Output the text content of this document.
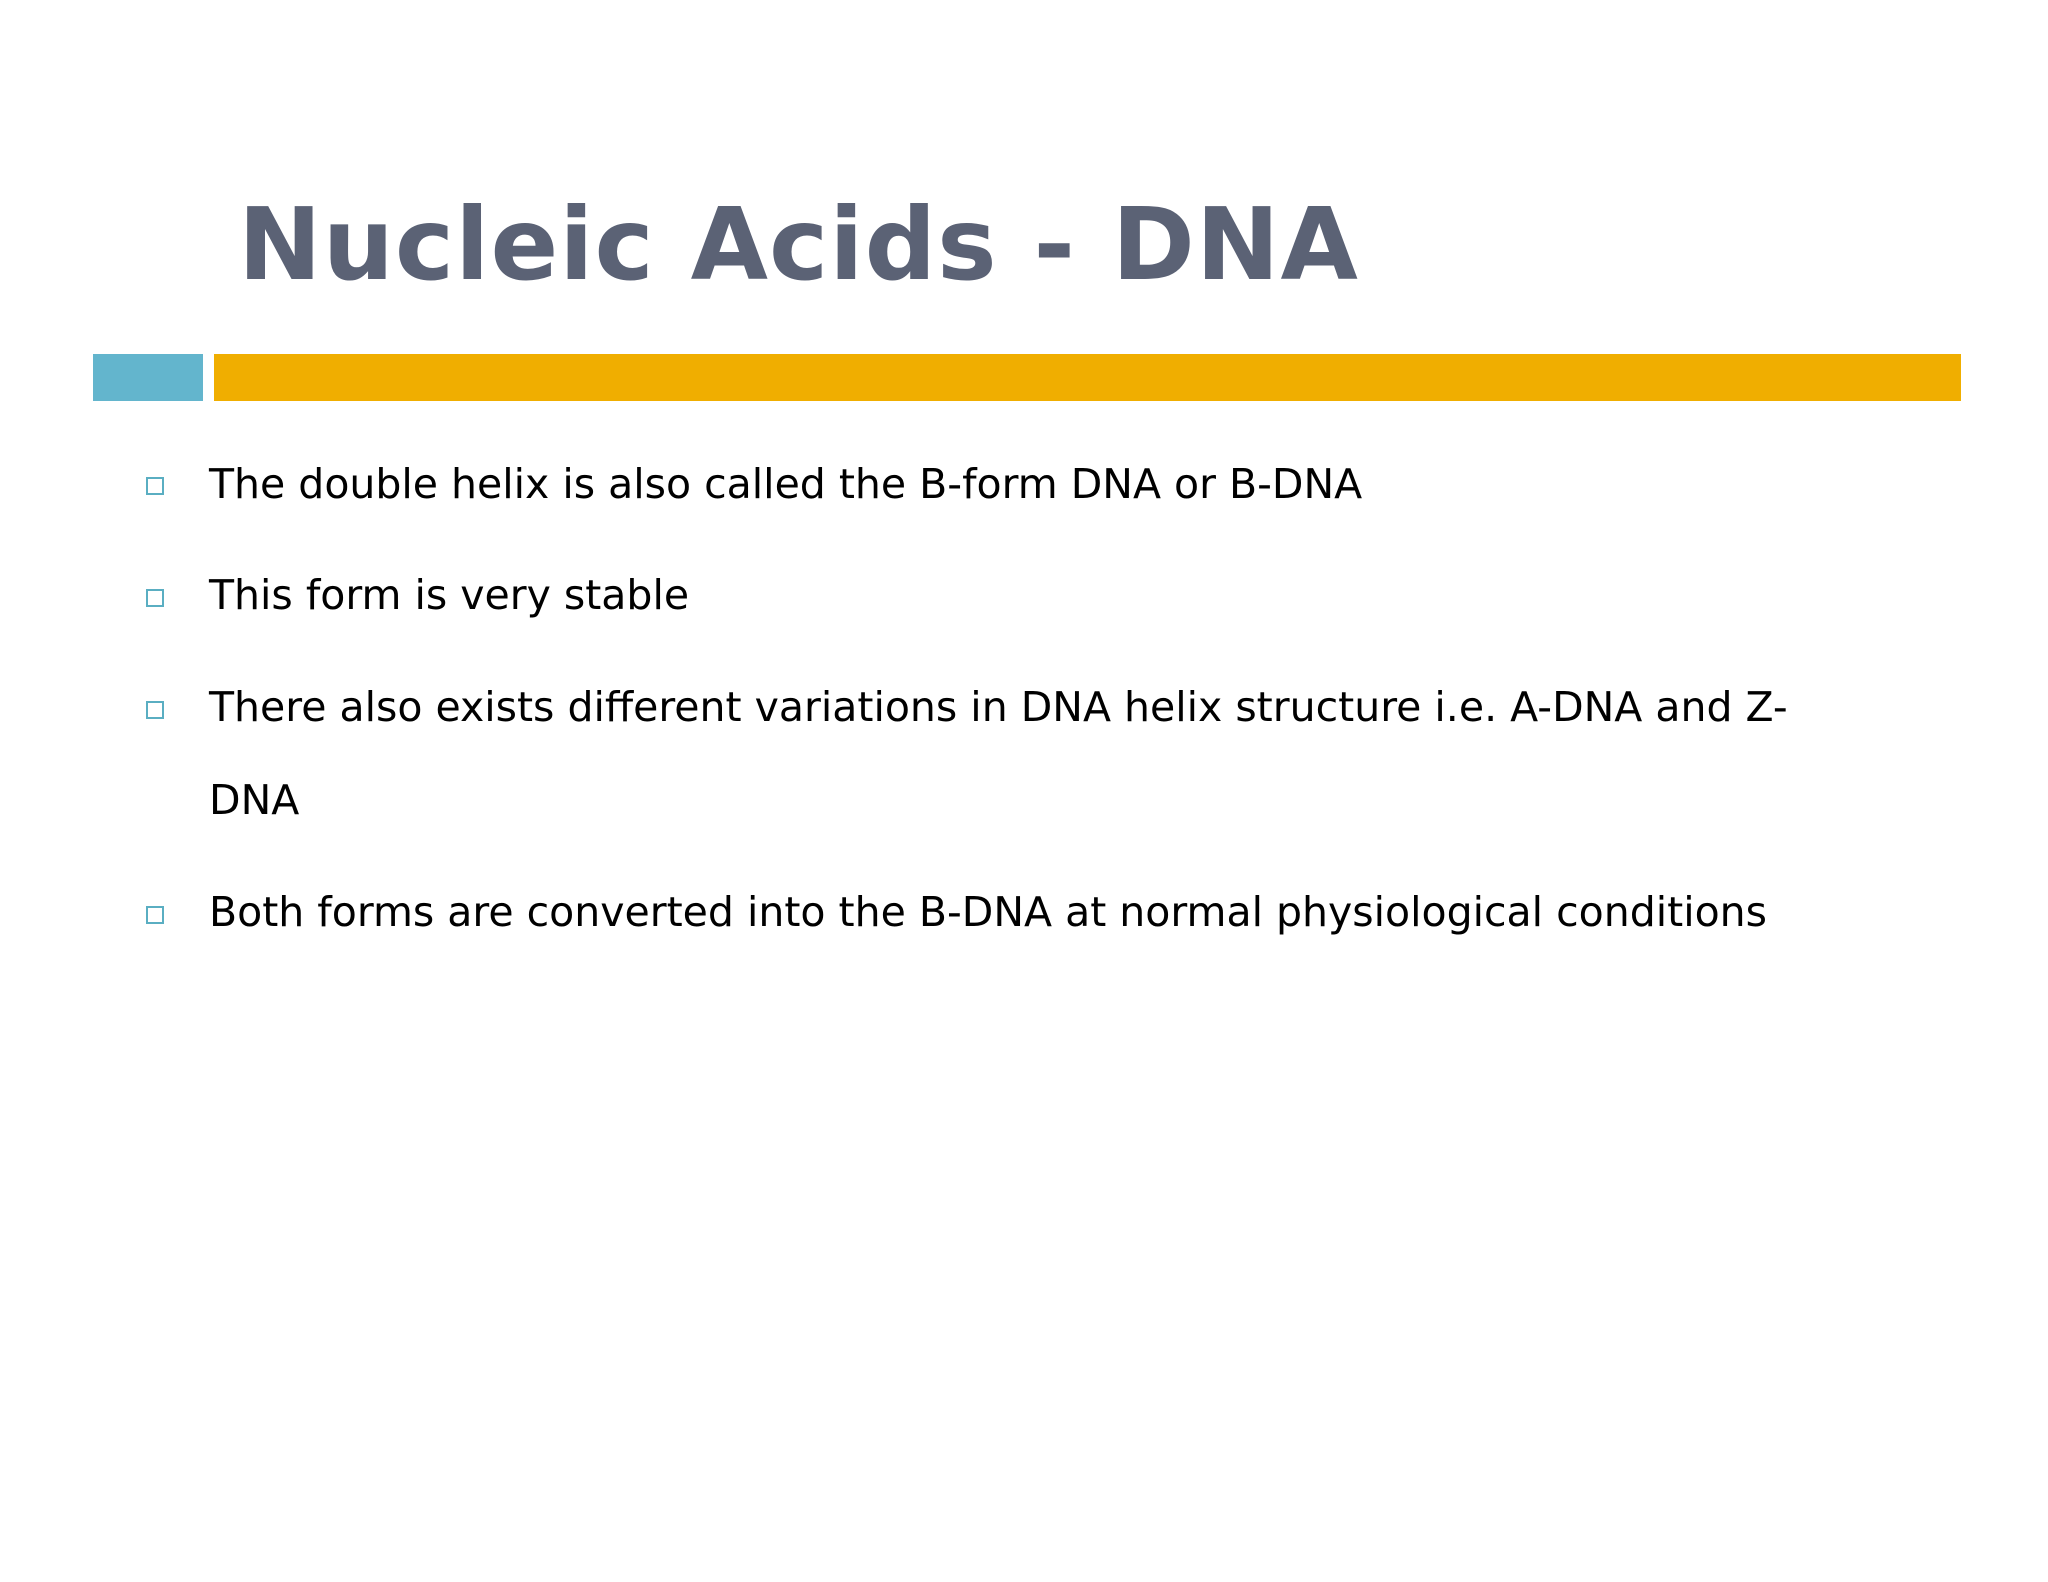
Nucleic Acids - DNA

The double helix is also called the B-form DNA or B-DNA

This form is very stable

There also exists different variations in DNA helix structure i.e. A-DNA and Z-DNA

Both forms are converted into the B-DNA at normal physiological conditions
